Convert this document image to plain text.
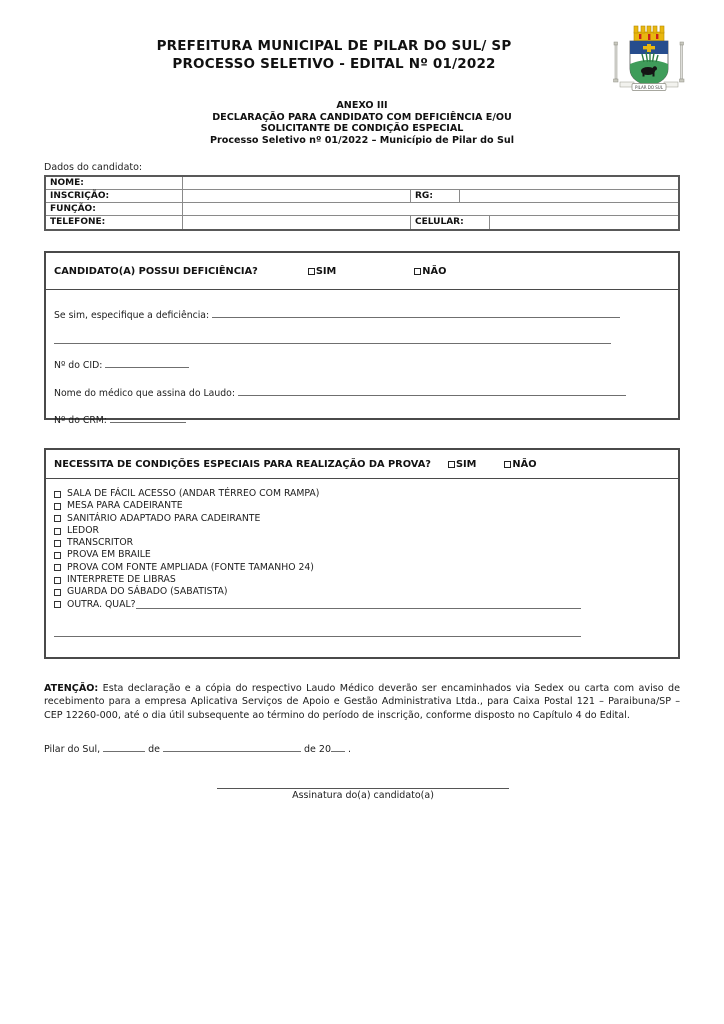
PREFEITURA MUNICIPAL DE PILAR DO SUL/ SP
PROCESSO SELETIVO - EDITAL Nº 01/2022
PILAR DO SUL
ANEXO III
DECLARAÇÃO PARA CANDIDATO COM DEFICIÊNCIA E/OU
SOLICITANTE DE CONDIÇÃO ESPECIAL
Processo Seletivo nº 01/2022 – Município de Pilar do Sul
Dados do candidato:
NOME:
INSCRIÇÃO:	RG:
FUNÇÃO:
TELEFONE:	CELULAR:
CANDIDATO(A) POSSUI DEFICIÊNCIA?	SIM	NÃO
Se sim, especifique a deficiência:

Nº do CID:

Nome do médico que assina do Laudo:

Nº do CRM:

NECESSITA DE CONDIÇÕES ESPECIAIS PARA REALIZAÇÃO DA PROVA?	SIM	NÃO
SALA DE FÁCIL ACESSO (ANDAR TÉRREO COM RAMPA)
MESA PARA CADEIRANTE
SANITÁRIO ADAPTADO PARA CADEIRANTE
LEDOR
TRANSCRITOR
PROVA EM BRAILE
PROVA COM FONTE AMPLIADA (FONTE TAMANHO 24)
INTERPRETE DE LIBRAS
GUARDA DO SÁBADO (SABATISTA)
OUTRA. QUAL?
ATENÇÃO: Esta declaração e a cópia do respectivo Laudo Médico deverão ser encaminhados via Sedex ou carta com aviso de recebimento para a empresa Aplicativa Serviços de Apoio e Gestão Administrativa Ltda., para Caixa Postal 121 – Paraibuna/SP – CEP 12260-000, até o dia útil subsequente ao término do período de inscrição, conforme disposto no Capítulo 4 do Edital.
Pilar do Sul,	de	de 20 .
Assinatura do(a) candidato(a)
